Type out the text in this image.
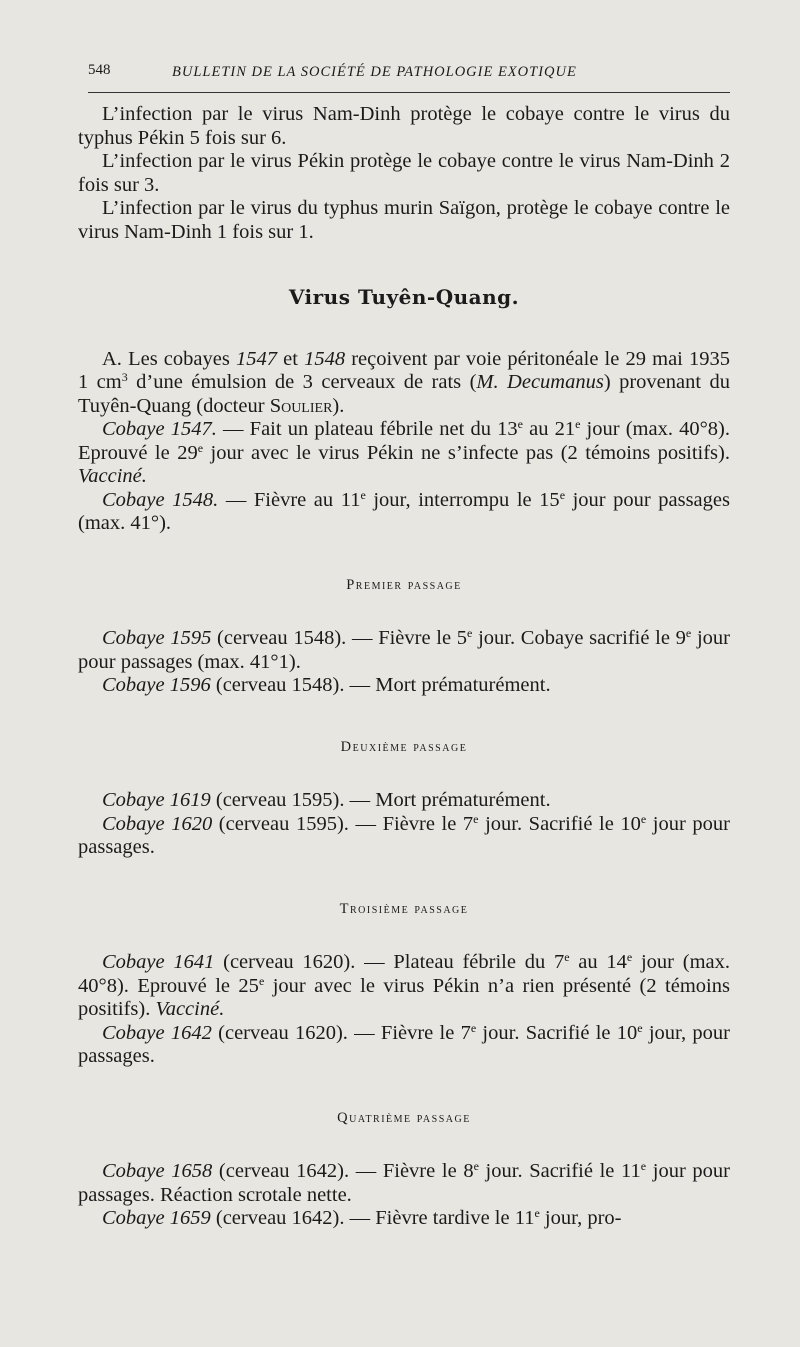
548	BULLETIN DE LA SOCIÉTÉ DE PATHOLOGIE EXOTIQUE

L’infection par le virus Nam-Dinh protège le cobaye contre le virus du typhus Pékin 5 fois sur 6.

L’infection par le virus Pékin protège le cobaye contre le virus Nam-Dinh 2 fois sur 3.

L’infection par le virus du typhus murin Saïgon, protège le cobaye contre le virus Nam-Dinh 1 fois sur 1.

Virus Tuyên-Quang.

A. Les cobayes 1547 et 1548 reçoivent par voie péritonéale le 29 mai 1935 1 $cm^3$ d’une émulsion de 3 cerveaux de rats (M. Decumanus) provenant du Tuyên-Quang (docteur Soulier).

Cobaye 1547. — Fait un plateau fébrile net du 13e au 21e jour (max. 40°8). Eprouvé le 29e jour avec le virus Pékin ne s’infecte pas (2 témoins positifs). Vacciné.

Cobaye 1548. — Fièvre au 11e jour, interrompu le 15e jour pour passages (max. 41°).

Premier passage

Cobaye 1595 (cerveau 1548). — Fièvre le 5e jour. Cobaye sacrifié le 9e jour pour passages (max. 41°1).

Cobaye 1596 (cerveau 1548). — Mort prématurément.

Deuxième passage

Cobaye 1619 (cerveau 1595). — Mort prématurément.

Cobaye 1620 (cerveau 1595). — Fièvre le 7e jour. Sacrifié le 10e jour pour passages.

Troisième passage

Cobaye 1641 (cerveau 1620). — Plateau fébrile du 7e au 14e jour (max. 40°8). Eprouvé le 25e jour avec le virus Pékin n’a rien présenté (2 témoins positifs). Vacciné.

Cobaye 1642 (cerveau 1620). — Fièvre le 7e jour. Sacrifié le 10e jour, pour passages.

Quatrième passage

Cobaye 1658 (cerveau 1642). — Fièvre le 8e jour. Sacrifié le 11e jour pour passages. Réaction scrotale nette.

Cobaye 1659 (cerveau 1642). — Fièvre tardive le 11e jour, pro-
